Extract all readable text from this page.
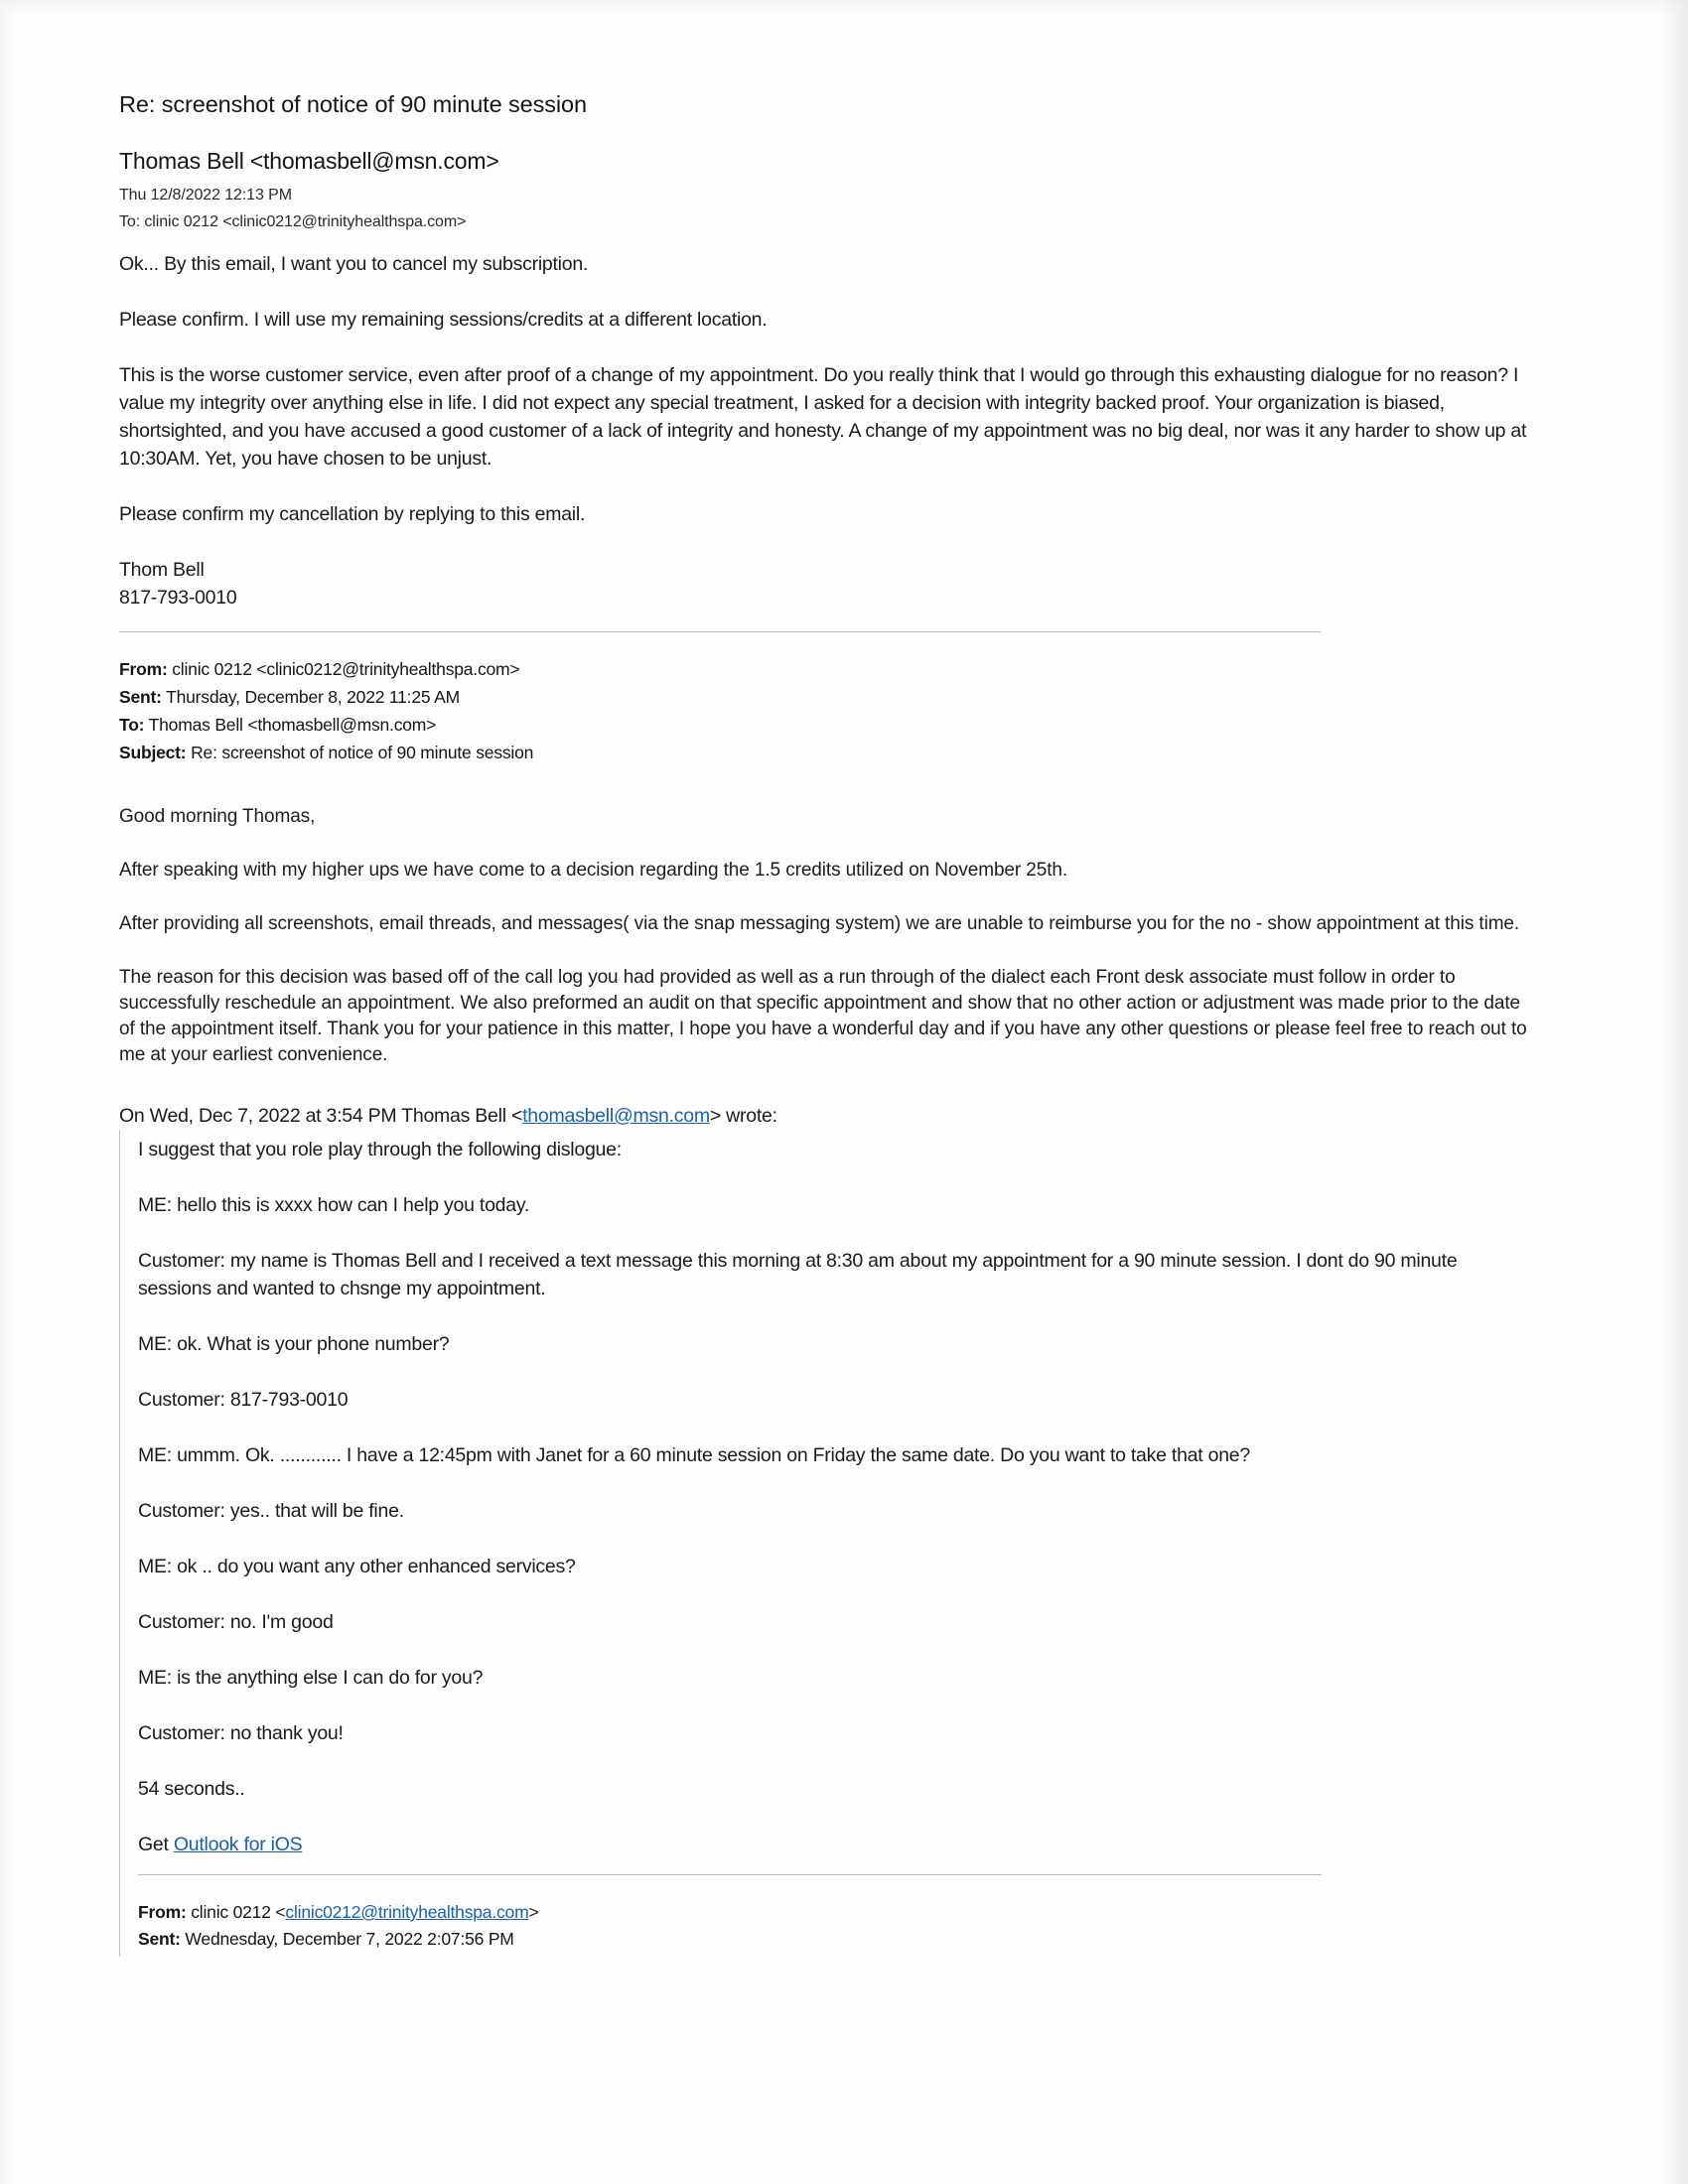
Re: screenshot of notice of 90 minute session
Thomas Bell <thomasbell@msn.com>
Thu 12/8/2022 12:13 PM
To: clinic 0212 <clinic0212@trinityhealthspa.com>

Ok... By this email, I want you to cancel my subscription.

Please confirm. I will use my remaining sessions/credits at a different location.

This is the worse customer service, even after proof of a change of my appointment. Do you really think that I would go through this exhausting dialogue for no reason? I value my integrity over anything else in life. I did not expect any special treatment, I asked for a decision with integrity backed proof. Your organization is biased, shortsighted, and you have accused a good customer of a lack of integrity and honesty. A change of my appointment was no big deal, nor was it any harder to show up at 10:30AM. Yet, you have chosen to be unjust.

Please confirm my cancellation by replying to this email.

Thom Bell
817-793-0010
From: clinic 0212 <clinic0212@trinityhealthspa.com>
Sent: Thursday, December 8, 2022 11:25 AM
To: Thomas Bell <thomasbell@msn.com>
Subject: Re: screenshot of notice of 90 minute session

Good morning Thomas,

After speaking with my higher ups we have come to a decision regarding the 1.5 credits utilized on November 25th.

After providing all screenshots, email threads, and messages( via the snap messaging system) we are unable to reimburse you for the no - show appointment at this time.

The reason for this decision was based off of the call log you had provided as well as a run through of the dialect each Front desk associate must follow in order to successfully reschedule an appointment. We also preformed an audit on that specific appointment and show that no other action or adjustment was made prior to the date of the appointment itself. Thank you for your patience in this matter, I hope you have a wonderful day and if you have any other questions or please feel free to reach out to me at your earliest convenience.

On Wed, Dec 7, 2022 at 3:54 PM Thomas Bell <thomasbell@msn.com> wrote:

I suggest that you role play through the following dislogue:

ME: hello this is xxxx how can I help you today.

Customer: my name is Thomas Bell and I received a text message this morning at 8:30 am about my appointment for a 90 minute session. I dont do 90 minute sessions and wanted to chsnge my appointment.

ME: ok. What is your phone number?

Customer: 817-793-0010

ME: ummm. Ok. ............ I have a 12:45pm with Janet for a 60 minute session on Friday the same date. Do you want to take that one?

Customer: yes.. that will be fine.

ME: ok .. do you want any other enhanced services?

Customer: no. I'm good

ME: is the anything else I can do for you?

Customer: no thank you!

54 seconds..

Get Outlook for iOS

From: clinic 0212 <clinic0212@trinityhealthspa.com>
Sent: Wednesday, December 7, 2022 2:07:56 PM
